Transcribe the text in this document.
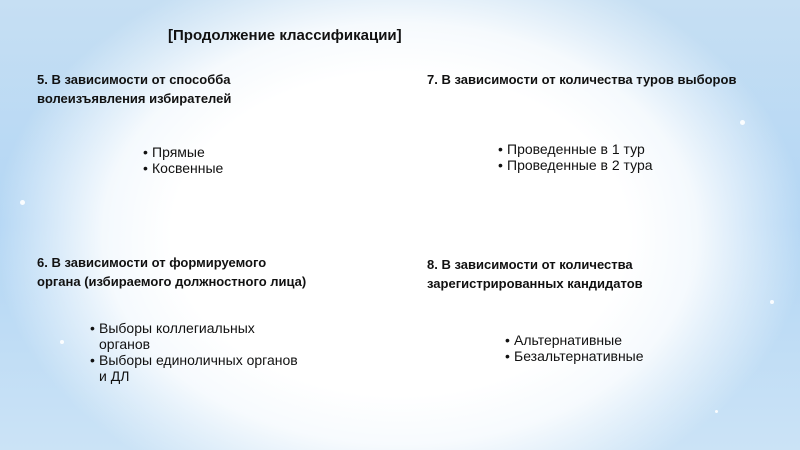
[Продолжение классификации]
5. В зависимости от способба
волеизъявления избирателей
• Прямые
• Косвенные
7. В зависимости от количества туров выборов
• Проведенные в 1 тур
• Проведенные в 2 тура
6. В зависимости от формируемого
органа (избираемого должностного лица)
• Выборы коллегиальных органов
• Выборы единоличных органов и ДЛ
8. В зависимости от количества
зарегистрированных кандидатов
• Альтернативные
• Безальтернативные
